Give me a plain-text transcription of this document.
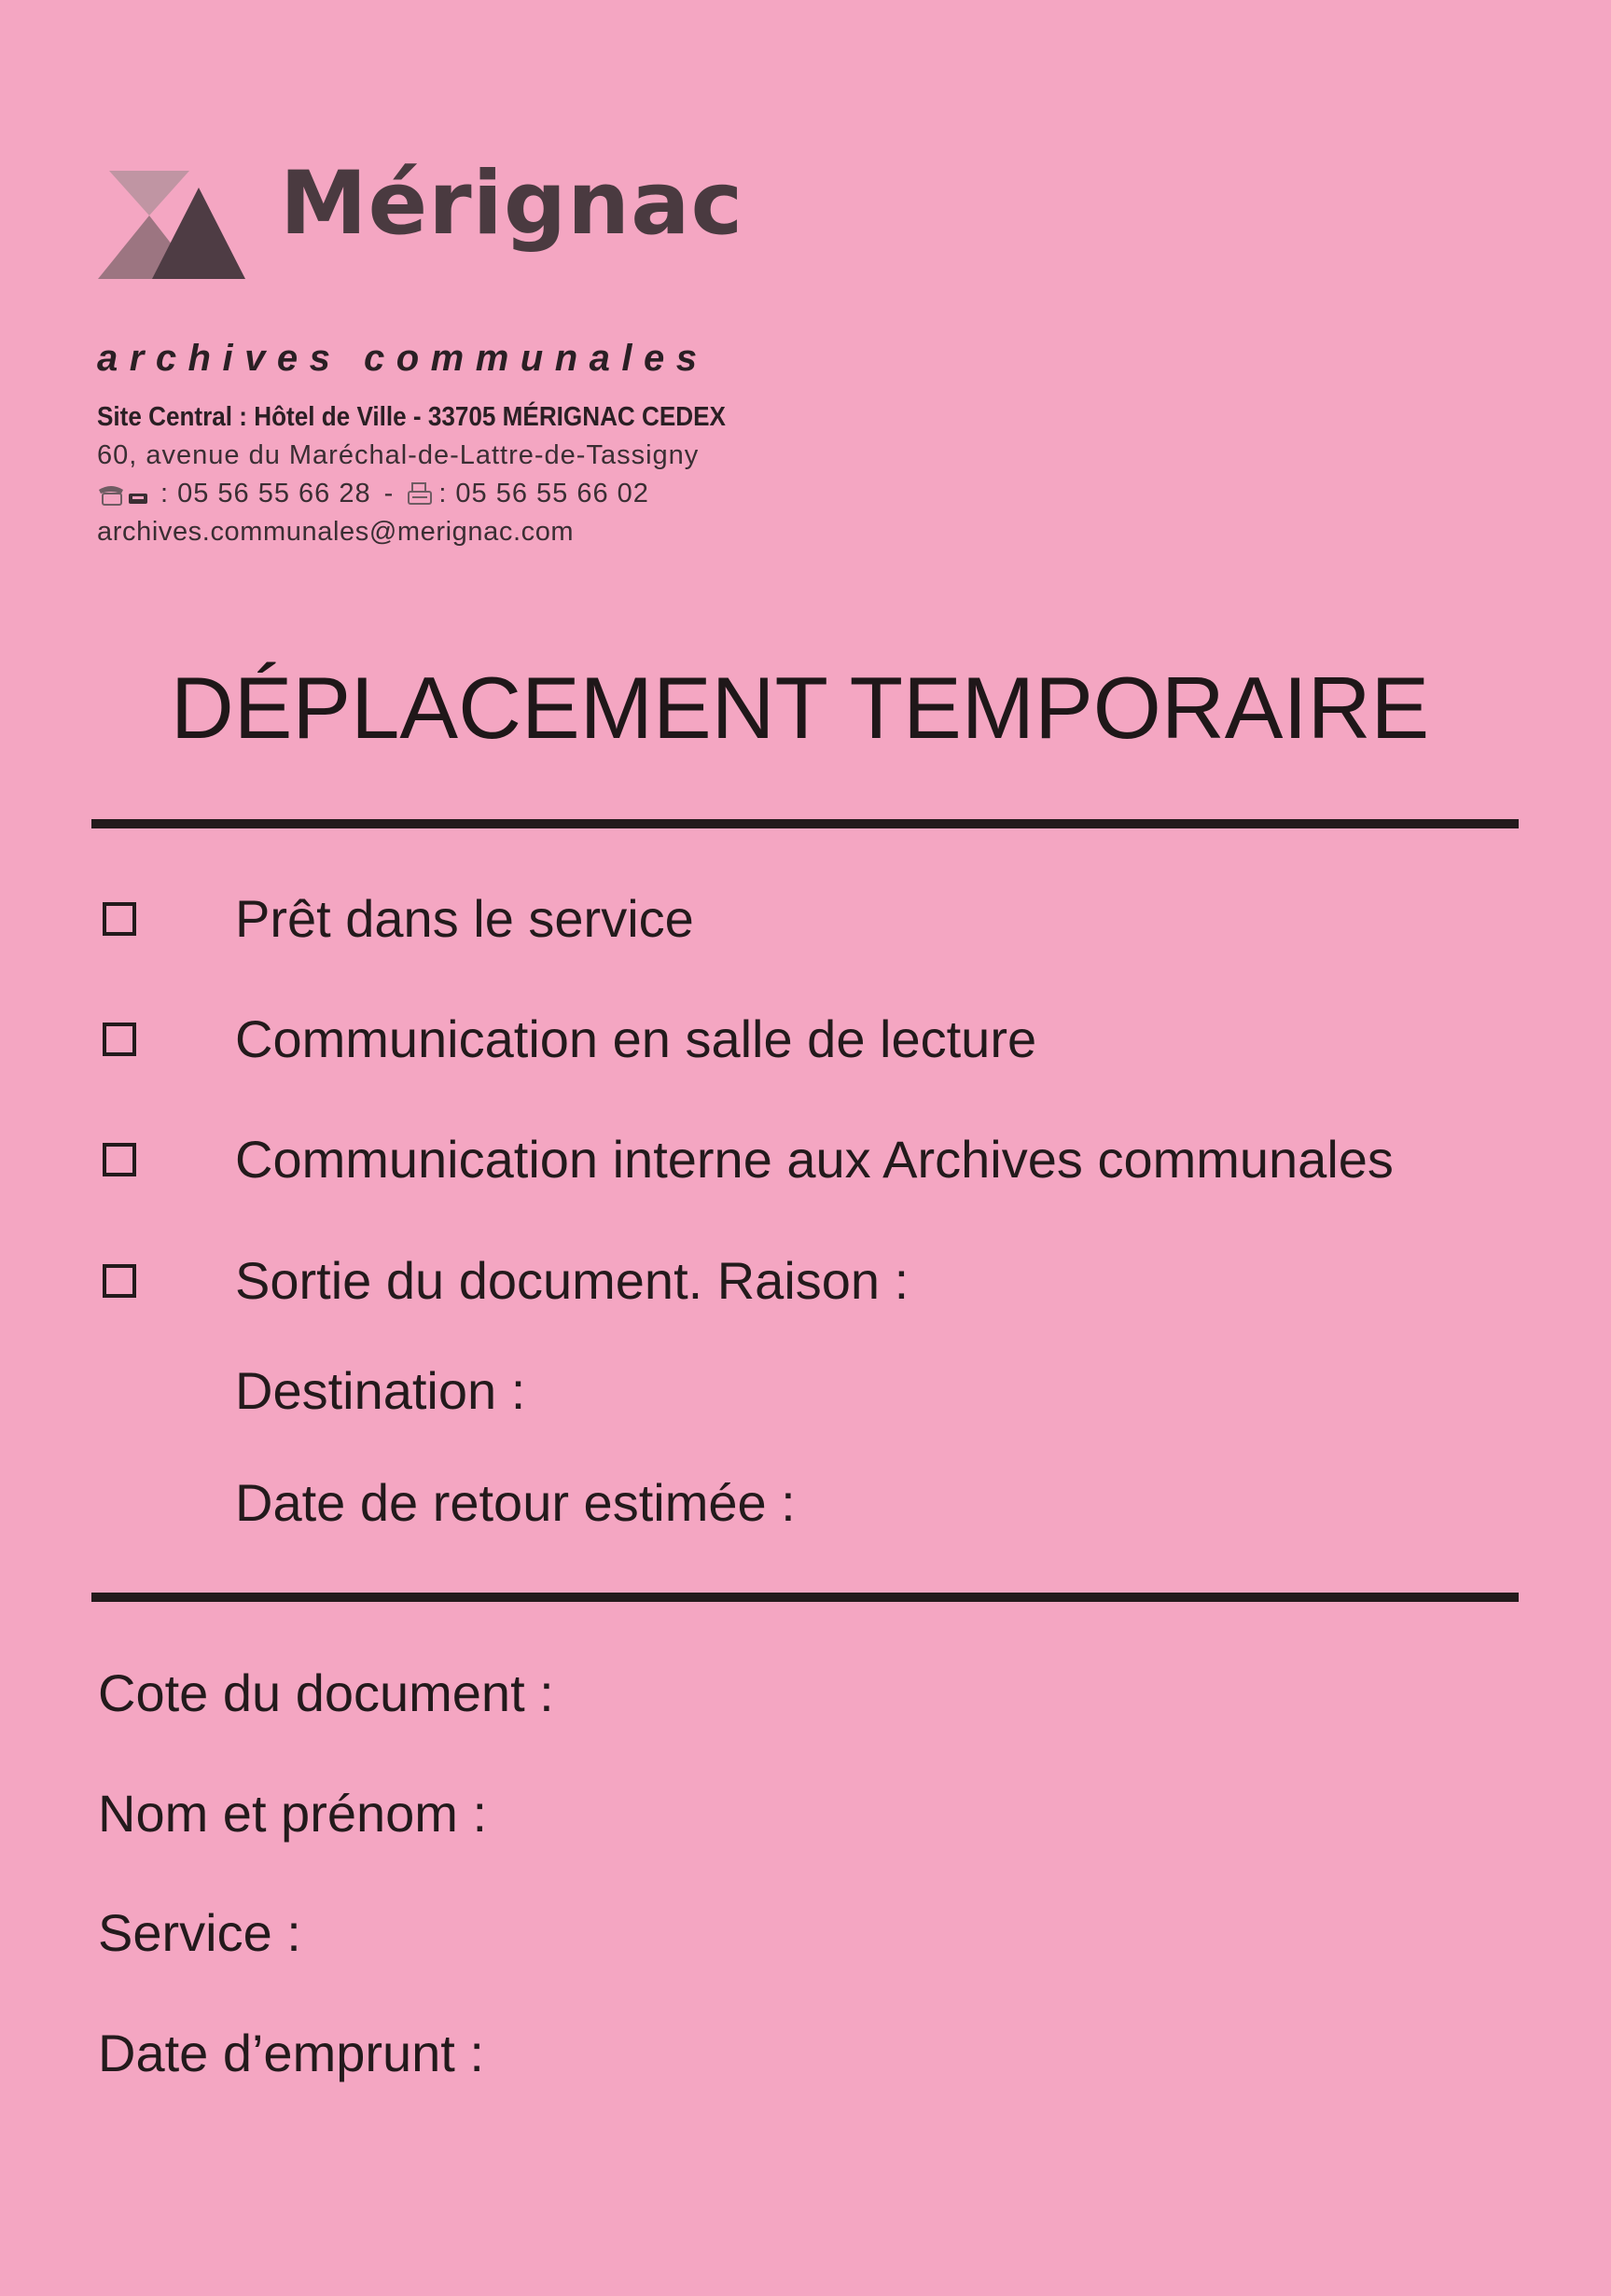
Mérignac
archives communales
Site Central : Hôtel de Ville - 33705 MÉRIGNAC CEDEX
60, avenue du Maréchal-de-Lattre-de-Tassigny
: 05 56 55 66 28 - : 05 56 55 66 02
archives.communales@merignac.com
DÉPLACEMENT TEMPORAIRE
Prêt dans le service
Communication en salle de lecture
Communication interne aux Archives communales
Sortie du document. Raison :
Destination :
Date de retour estimée :
Cote du document :
Nom et prénom :
Service :
Date d’emprunt :
